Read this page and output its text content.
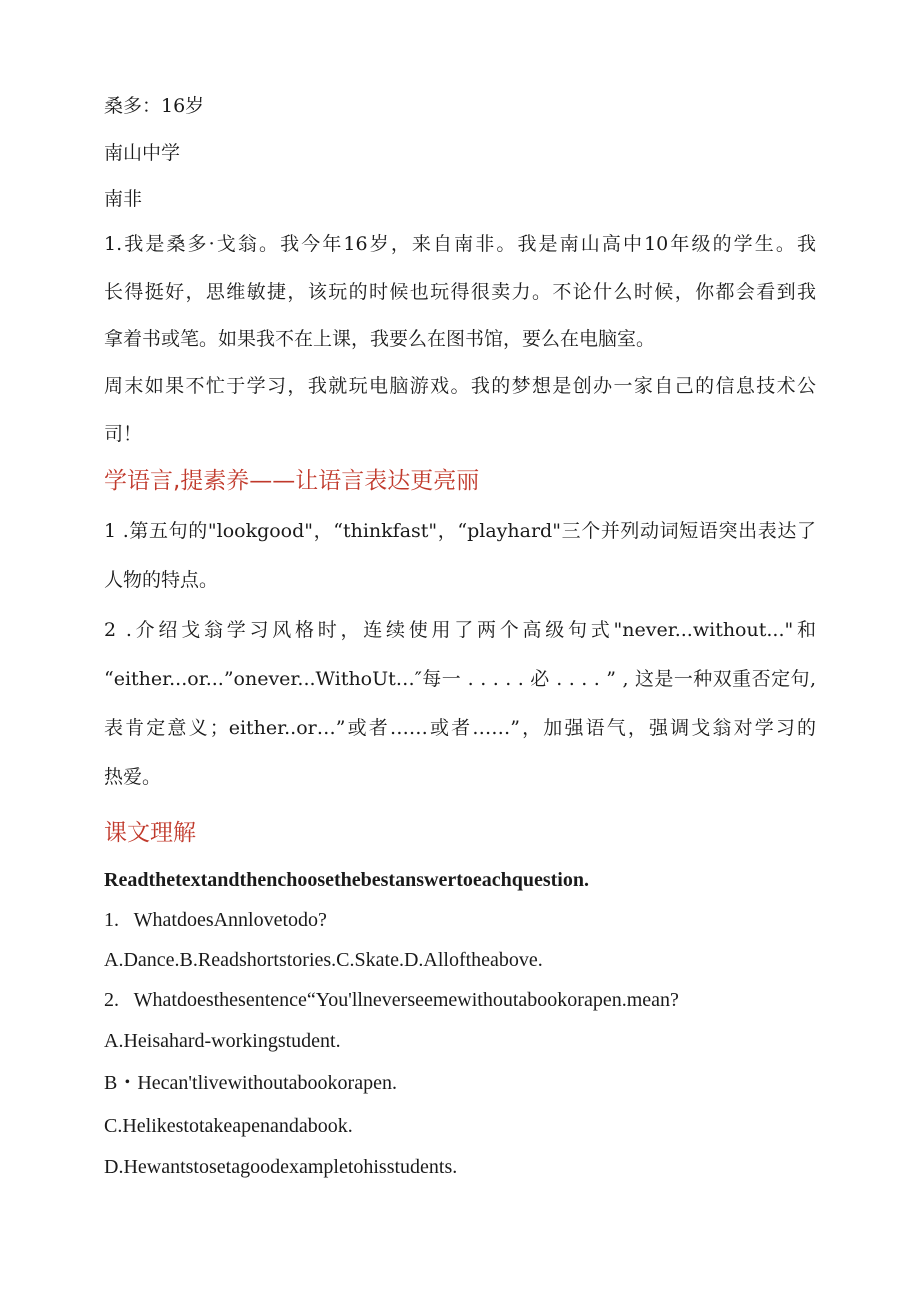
桑多：16岁
南山中学
南非
1.我是桑多·戈翁。我今年16岁，来自南非。我是南山高中10年级的学生。我
长得挺好，思维敏捷，该玩的时候也玩得很卖力。不论什么时候，你都会看到我
拿着书或笔。如果我不在上课，我要么在图书馆，要么在电脑室。
周末如果不忙于学习，我就玩电脑游戏。我的梦想是创办一家自己的信息技术公
司！
学语言,提素养——让语言表达更亮丽
1 .第五句的"lookgood"，“thinkfast"，“playhard"三个并列动词短语突出表达了
人物的特点。
2 .介绍戈翁学习风格时，连续使用了两个高级句式"never...without..."和
“either...or...”onever...WithoUt…″每一 . . . . . 必 . . . . ” , 这是一种双重否定句,
表肯定意义；either..or…”或者……或者……”，加强语气，强调戈翁对学习的
热爱。
课文理解
Readthetextandthenchoosethebestanswertoeachquestion.
1.   WhatdoesAnnlovetodo?
A.Dance.B.Readshortstories.C.Skate.D.Alloftheabove.
2.   Whatdoesthesentence“You'llneverseemewithoutabookorapen.mean?
A.Heisahard-workingstudent.
B・Hecan'tlivewithoutabookorapen.
C.Helikestotakeapenandabook.
D.Hewantstosetagoodexampletohisstudents.
